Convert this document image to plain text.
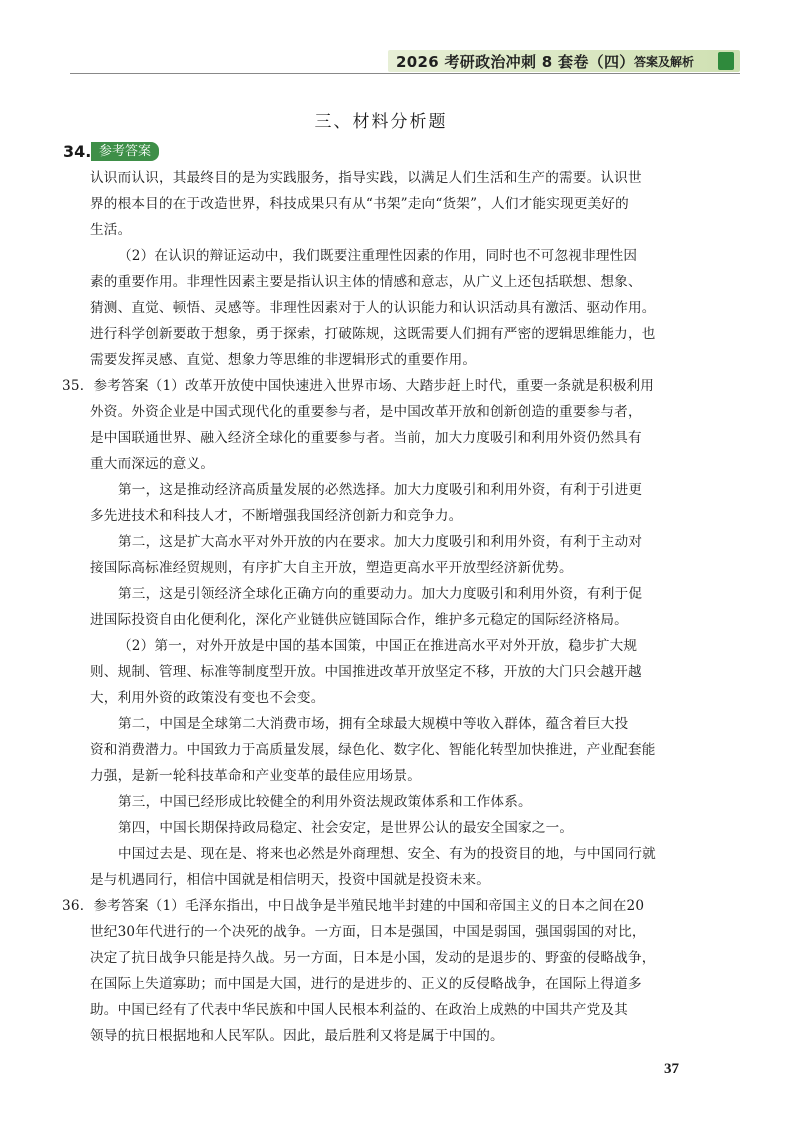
2026 考研政治冲刺 8 套卷（四） 答案及解析
三、材料分析题
34. 参考答案
认识而认识，其最终目的是为实践服务，指导实践，以满足人们生活和生产的需要。认识世
界的根本目的在于改造世界，科技成果只有从“书架”走向“货架”，人们才能实现更美好的
生活。
（2）在认识的辩证运动中，我们既要注重理性因素的作用，同时也不可忽视非理性因
素的重要作用。非理性因素主要是指认识主体的情感和意志，从广义上还包括联想、想象、
猜测、直觉、顿悟、灵感等。非理性因素对于人的认识能力和认识活动具有激活、驱动作用。
进行科学创新要敢于想象，勇于探索，打破陈规，这既需要人们拥有严密的逻辑思维能力，也
需要发挥灵感、直觉、想象力等思维的非逻辑形式的重要作用。
35．参考答案（1）改革开放使中国快速进入世界市场、大踏步赶上时代，重要一条就是积极利用
外资。外资企业是中国式现代化的重要参与者，是中国改革开放和创新创造的重要参与者，
是中国联通世界、融入经济全球化的重要参与者。当前，加大力度吸引和利用外资仍然具有
重大而深远的意义。
第一，这是推动经济高质量发展的必然选择。加大力度吸引和利用外资，有利于引进更
多先进技术和科技人才，不断增强我国经济创新力和竞争力。
第二，这是扩大高水平对外开放的内在要求。加大力度吸引和利用外资，有利于主动对
接国际高标准经贸规则，有序扩大自主开放，塑造更高水平开放型经济新优势。
第三，这是引领经济全球化正确方向的重要动力。加大力度吸引和利用外资，有利于促
进国际投资自由化便利化，深化产业链供应链国际合作，维护多元稳定的国际经济格局。
（2）第一，对外开放是中国的基本国策，中国正在推进高水平对外开放，稳步扩大规
则、规制、管理、标准等制度型开放。中国推进改革开放坚定不移，开放的大门只会越开越
大，利用外资的政策没有变也不会变。
第二，中国是全球第二大消费市场，拥有全球最大规模中等收入群体，蕴含着巨大投
资和消费潜力。中国致力于高质量发展，绿色化、数字化、智能化转型加快推进，产业配套能
力强，是新一轮科技革命和产业变革的最佳应用场景。
第三，中国已经形成比较健全的利用外资法规政策体系和工作体系。
第四，中国长期保持政局稳定、社会安定，是世界公认的最安全国家之一。
中国过去是、现在是、将来也必然是外商理想、安全、有为的投资目的地，与中国同行就
是与机遇同行，相信中国就是相信明天，投资中国就是投资未来。
36．参考答案（1）毛泽东指出，中日战争是半殖民地半封建的中国和帝国主义的日本之间在20
世纪30年代进行的一个决死的战争。一方面，日本是强国，中国是弱国，强国弱国的对比，
决定了抗日战争只能是持久战。另一方面，日本是小国，发动的是退步的、野蛮的侵略战争，
在国际上失道寡助；而中国是大国，进行的是进步的、正义的反侵略战争，在国际上得道多
助。中国已经有了代表中华民族和中国人民根本利益的、在政治上成熟的中国共产党及其
领导的抗日根据地和人民军队。因此，最后胜利又将是属于中国的。
37
